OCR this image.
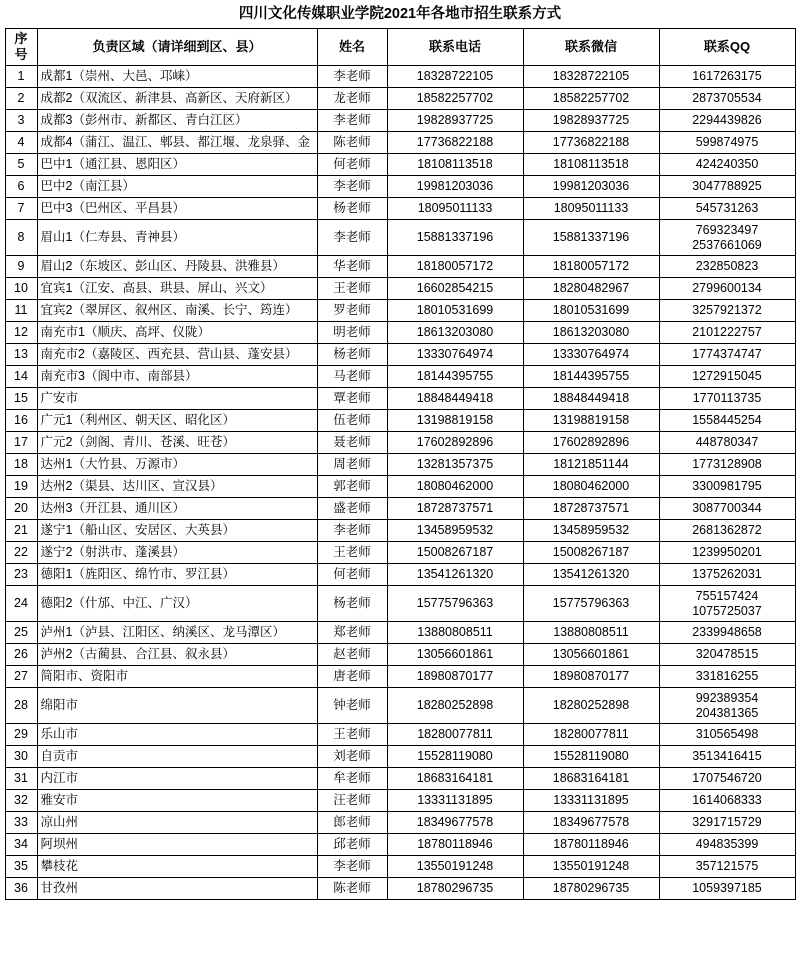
四川文化传媒职业学院2021年各地市招生联系方式
序号	负责区域（请详细到区、县）	姓名	联系电话	联系微信	联系QQ
1	成都1（崇州、大邑、邛崃）	李老师	18328722105	18328722105	1617263175
2	成都2（双流区、新津县、高新区、天府新区）	龙老师	18582257702	18582257702	2873705534
3	成都3（彭州市、新都区、青白江区）	李老师	19828937725	19828937725	2294439826
4	成都4（蒲江、温江、郫县、都江堰、龙泉驿、金	陈老师	17736822188	17736822188	599874975
5	巴中1（通江县、恩阳区）	何老师	18108113518	18108113518	424240350
6	巴中2（南江县）	李老师	19981203036	19981203036	3047788925
7	巴中3（巴州区、平昌县）	杨老师	18095011133	18095011133	545731263
8	眉山1（仁寿县、青神县）	李老师	15881337196	15881337196	769323497
2537661069

9	眉山2（东坡区、彭山区、丹陵县、洪雅县）	华老师	18180057172	18180057172	232850823
10	宜宾1（江安、高县、珙县、屏山、兴文）	王老师	16602854215	18280482967	2799600134
11	宜宾2（翠屏区、叙州区、南溪、长宁、筠连）	罗老师	18010531699	18010531699	3257921372
12	南充市1（顺庆、高坪、仪陇）	明老师	18613203080	18613203080	2101222757
13	南充市2（嘉陵区、西充县、营山县、蓬安县）	杨老师	13330764974	13330764974	1774374747
14	南充市3（阆中市、南部县）	马老师	18144395755	18144395755	1272915045
15	广安市	覃老师	18848449418	18848449418	1770113735
16	广元1（利州区、朝天区、昭化区）	伍老师	13198819158	13198819158	1558445254
17	广元2（剑阁、青川、苍溪、旺苍）	聂老师	17602892896	17602892896	448780347
18	达州1（大竹县、万源市）	周老师	13281357375	18121851144	1773128908
19	达州2（渠县、达川区、宣汉县）	郭老师	18080462000	18080462000	3300981795
20	达州3（开江县、通川区）	盛老师	18728737571	18728737571	3087700344
21	遂宁1（船山区、安居区、大英县）	李老师	13458959532	13458959532	2681362872
22	遂宁2（射洪市、蓬溪县）	王老师	15008267187	15008267187	1239950201
23	德阳1（旌阳区、绵竹市、罗江县）	何老师	13541261320	13541261320	1375262031
24	德阳2（什邡、中江、广汉）	杨老师	15775796363	15775796363	755157424
1075725037

25	泸州1（泸县、江阳区、纳溪区、龙马潭区）	郑老师	13880808511	13880808511	2339948658
26	泸州2（古蔺县、合江县、叙永县）	赵老师	13056601861	13056601861	320478515
27	简阳市、资阳市	唐老师	18980870177	18980870177	331816255
28	绵阳市	钟老师	18280252898	18280252898	992389354
204381365

29	乐山市	王老师	18280077811	18280077811	310565498
30	自贡市	刘老师	15528119080	15528119080	3513416415
31	内江市	牟老师	18683164181	18683164181	1707546720
32	雅安市	汪老师	13331131895	13331131895	1614068333
33	凉山州	郎老师	18349677578	18349677578	3291715729
34	阿坝州	邱老师	18780118946	18780118946	494835399
35	攀枝花	李老师	13550191248	13550191248	357121575
36	甘孜州	陈老师	18780296735	18780296735	1059397185
